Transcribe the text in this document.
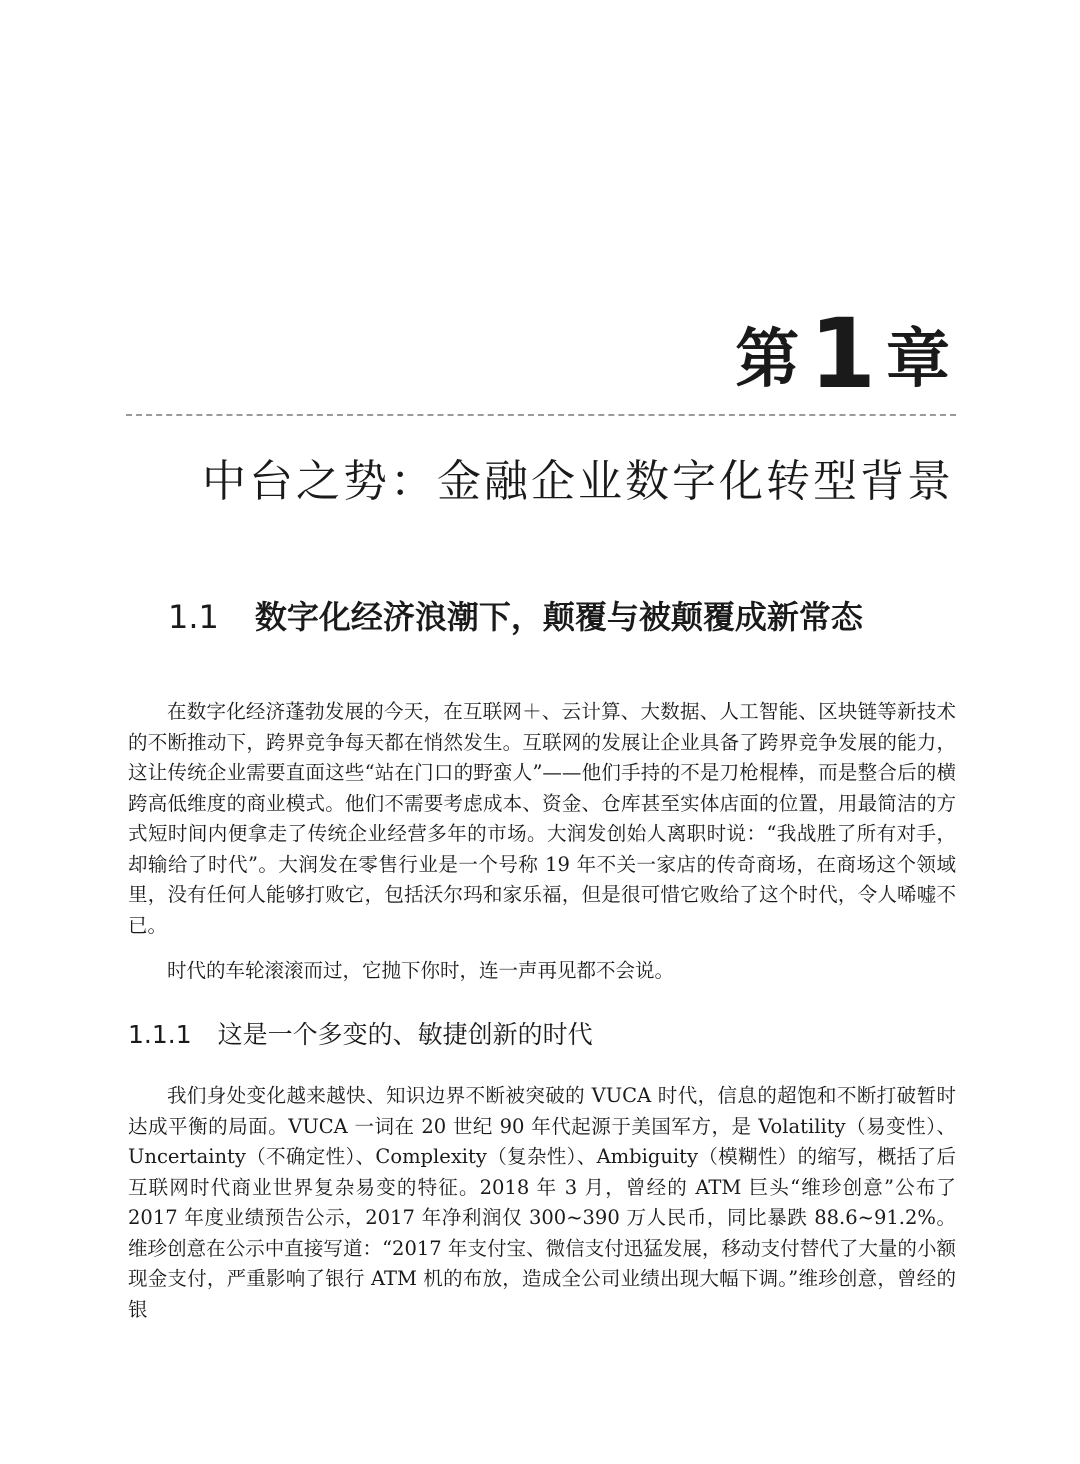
第1章
中台之势：金融企业数字化转型背景
1.1 数字化经济浪潮下，颠覆与被颠覆成新常态

在数字化经济蓬勃发展的今天，在互联网＋、云计算、大数据、人工智能、区块链等新技术的不断推动下，跨界竞争每天都在悄然发生。互联网的发展让企业具备了跨界竞争发展的能力，这让传统企业需要直面这些“站在门口的野蛮人”——他们手持的不是刀枪棍棒，而是整合后的横跨高低维度的商业模式。他们不需要考虑成本、资金、仓库甚至实体店面的位置，用最简洁的方式短时间内便拿走了传统企业经营多年的市场。大润发创始人离职时说：“我战胜了所有对手，却输给了时代”。大润发在零售行业是一个号称 19 年不关一家店的传奇商场，在商场这个领域里，没有任何人能够打败它，包括沃尔玛和家乐福，但是很可惜它败给了这个时代，令人唏嘘不已。

时代的车轮滚滚而过，它抛下你时，连一声再见都不会说。

1.1.1 这是一个多变的、敏捷创新的时代

我们身处变化越来越快、知识边界不断被突破的 VUCA 时代，信息的超饱和不断打破暂时达成平衡的局面。VUCA 一词在 20 世纪 90 年代起源于美国军方，是 Volatility（易变性）、Uncertainty（不确定性）、Complexity（复杂性）、Ambiguity（模糊性）的缩写，概括了后互联网时代商业世界复杂易变的特征。2018 年 3 月，曾经的 ATM 巨头“维珍创意”公布了 2017 年度业绩预告公示，2017 年净利润仅 300~390 万人民币，同比暴跌 88.6~91.2%。维珍创意在公示中直接写道：“2017 年支付宝、微信支付迅猛发展，移动支付替代了大量的小额现金支付，严重影响了银行 ATM 机的布放，造成全公司业绩出现大幅下调。”维珍创意，曾经的银
